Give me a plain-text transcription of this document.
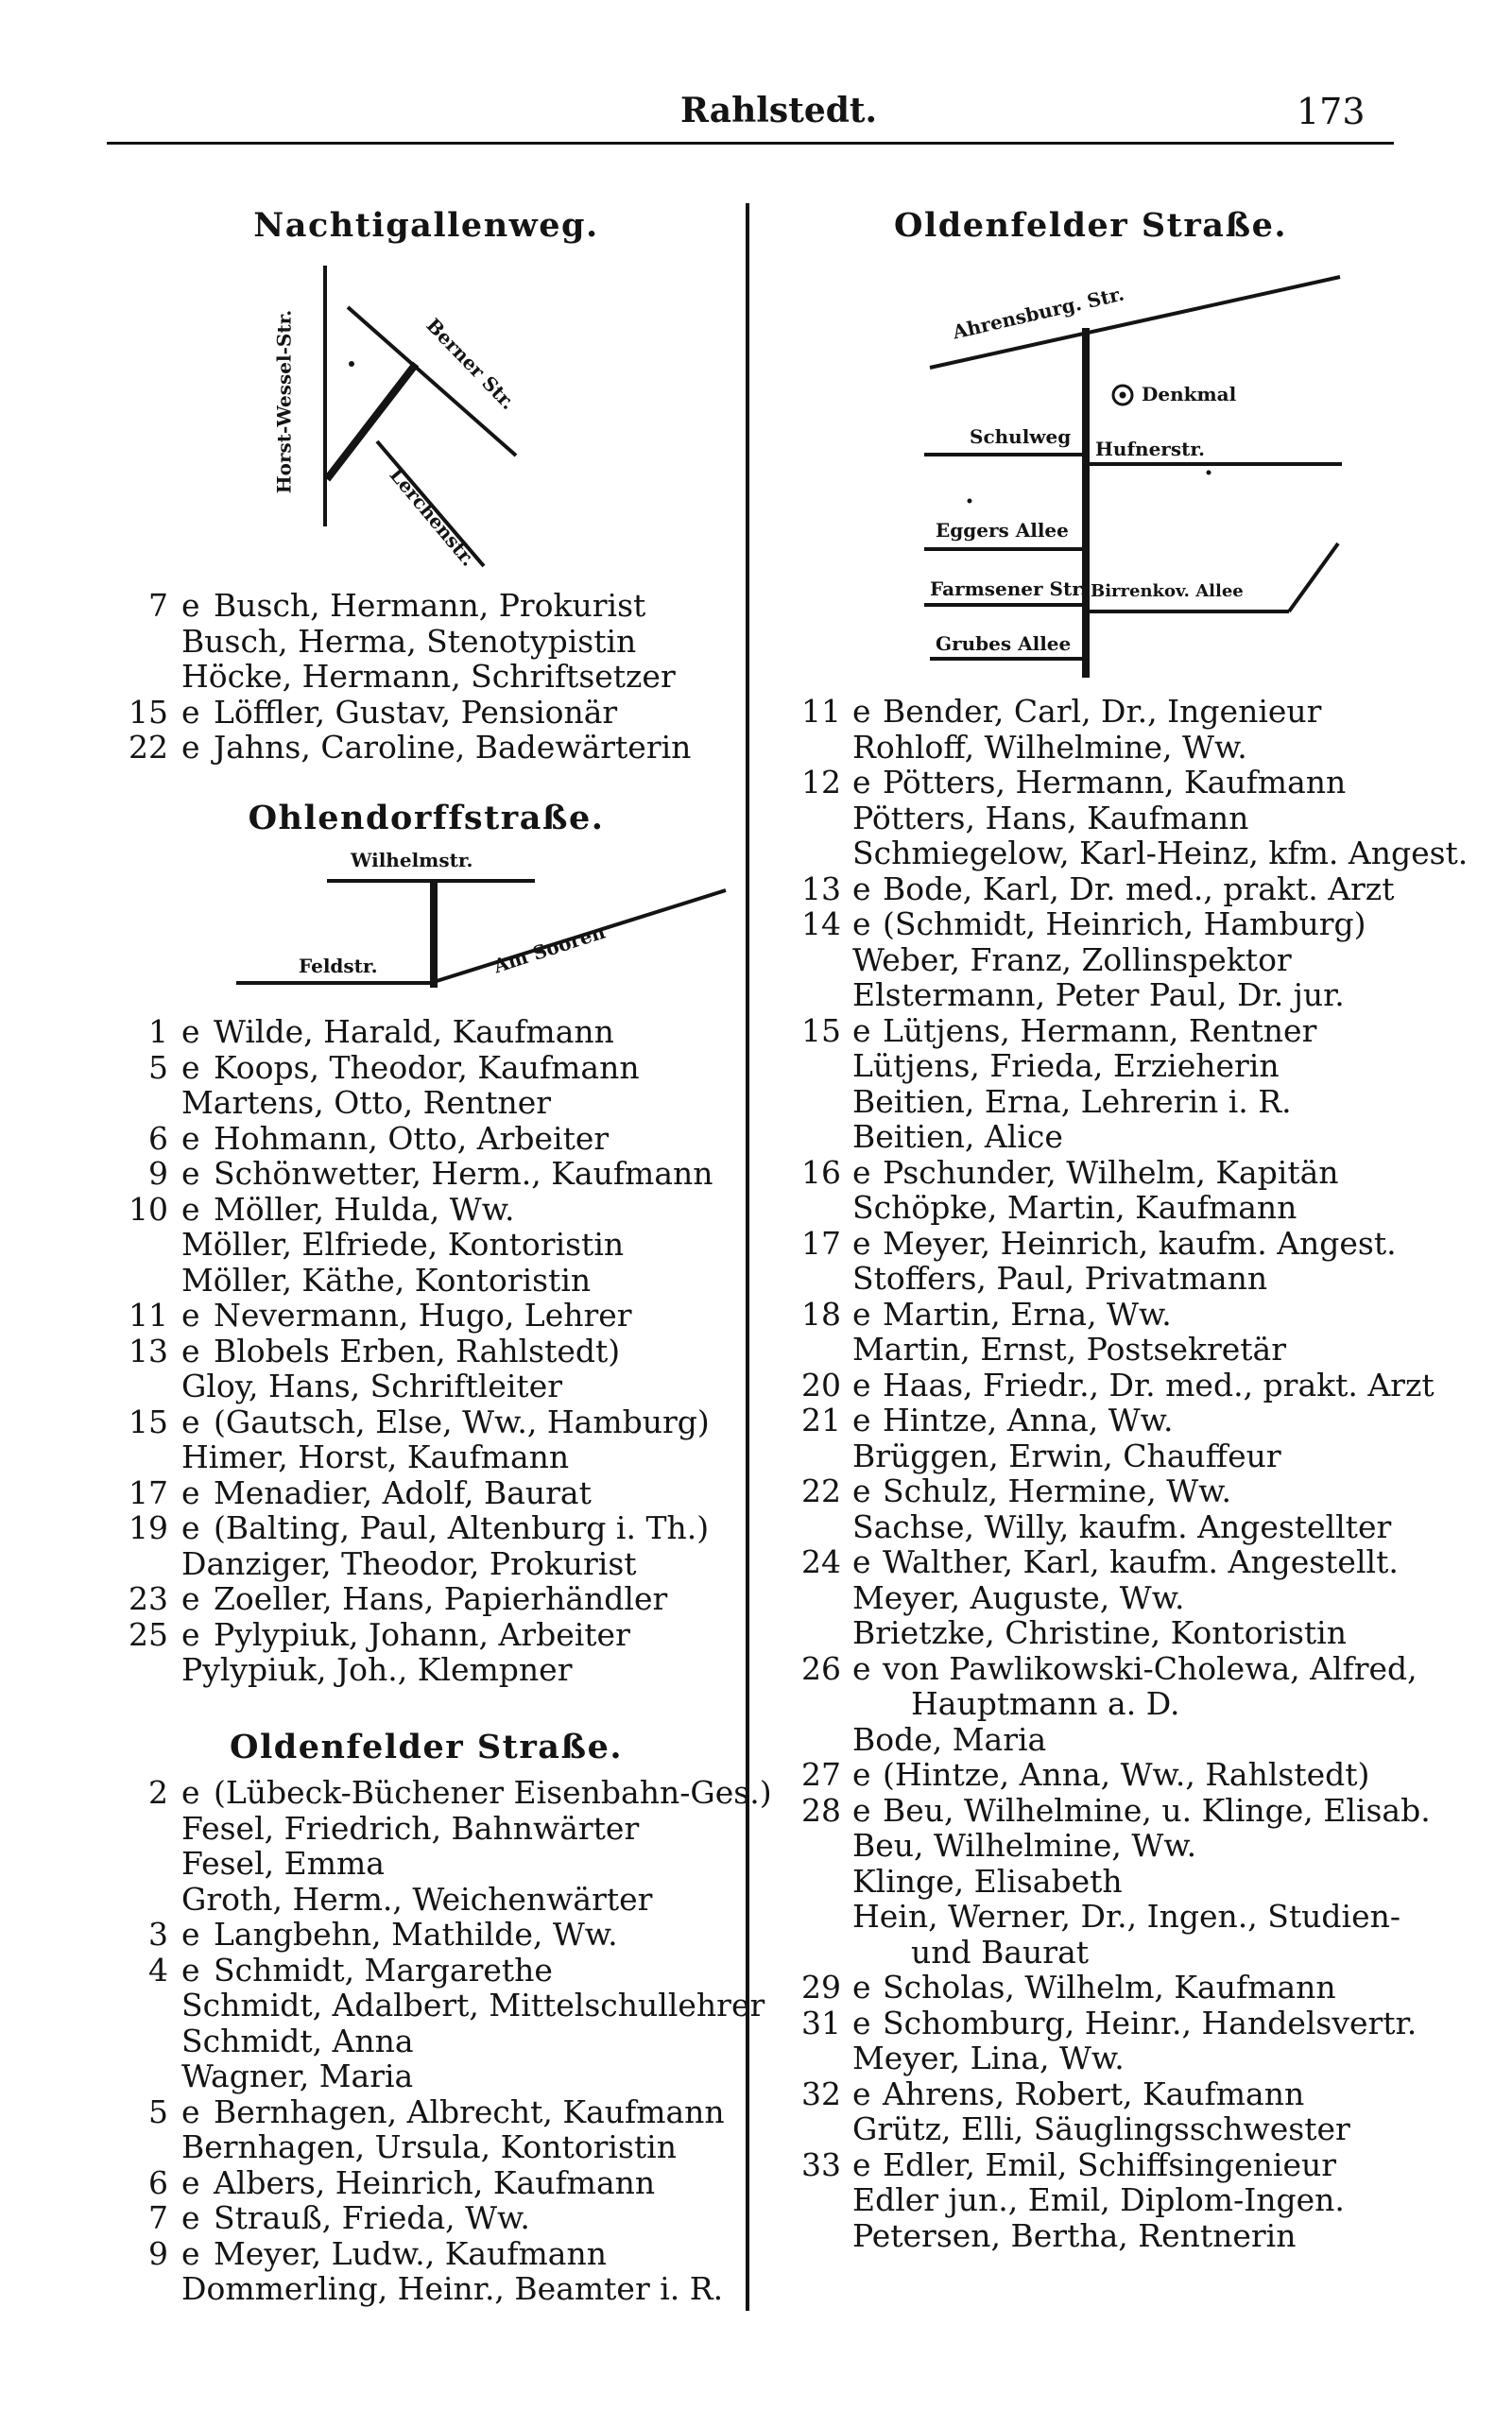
Rahlstedt.	173
Nachtigallenweg.
Horst-Wessel-Str.	Berner Str.
Lerchenstr.
7 e Busch, Hermann, Prokurist
Busch, Herma, Stenotypistin
Höcke, Hermann, Schriftsetzer
15 e Löffler, Gustav, Pensionär
22 e Jahns, Caroline, Badewärterin
Ohlendorffstraße.
Wilhelmstr.
Feldstr.	Am Sooren
1 e Wilde, Harald, Kaufmann
5 e Koops, Theodor, Kaufmann
Martens, Otto, Rentner
6 e Hohmann, Otto, Arbeiter
9 e Schönwetter, Herm., Kaufmann
10 e Möller, Hulda, Ww.
Möller, Elfriede, Kontoristin
Möller, Käthe, Kontoristin
11 e Nevermann, Hugo, Lehrer
13 e Blobels Erben, Rahlstedt)
Gloy, Hans, Schriftleiter
15 e (Gautsch, Else, Ww., Hamburg)
Himer, Horst, Kaufmann
17 e Menadier, Adolf, Baurat
19 e (Balting, Paul, Altenburg i. Th.)
Danziger, Theodor, Prokurist
23 e Zoeller, Hans, Papierhändler
25 e Pylypiuk, Johann, Arbeiter
Pylypiuk, Joh., Klempner
Oldenfelder Straße.
2 e (Lübeck-Büchener Eisenbahn-Ges.)
Fesel, Friedrich, Bahnwärter
Fesel, Emma
Groth, Herm., Weichenwärter
3 e Langbehn, Mathilde, Ww.
4 e Schmidt, Margarethe
Schmidt, Adalbert, Mittelschullehrer
Schmidt, Anna
Wagner, Maria
5 e Bernhagen, Albrecht, Kaufmann
Bernhagen, Ursula, Kontoristin
6 e Albers, Heinrich, Kaufmann
7 e Strauß, Frieda, Ww.
9 e Meyer, Ludw., Kaufmann
Dommerling, Heinr., Beamter i. R.
Oldenfelder Straße.
Ahrensburg. Str.
Denkmal
Schulweg
Hufnerstr.
Eggers Allee
Farmsener Str. Birrenkov. Allee
Grubes Allee
11 e Bender, Carl, Dr., Ingenieur
Rohloff, Wilhelmine, Ww.
12 e Pötters, Hermann, Kaufmann
Pötters, Hans, Kaufmann
Schmiegelow, Karl-Heinz, kfm. Angest.
13 e Bode, Karl, Dr. med., prakt. Arzt
14 e (Schmidt, Heinrich, Hamburg)
Weber, Franz, Zollinspektor
Elstermann, Peter Paul, Dr. jur.
15 e Lütjens, Hermann, Rentner
Lütjens, Frieda, Erzieherin
Beitien, Erna, Lehrerin i. R.
Beitien, Alice
16 e Pschunder, Wilhelm, Kapitän
Schöpke, Martin, Kaufmann
17 e Meyer, Heinrich, kaufm. Angest.
Stoffers, Paul, Privatmann
18 e Martin, Erna, Ww.
Martin, Ernst, Postsekretär
20 e Haas, Friedr., Dr. med., prakt. Arzt
21 e Hintze, Anna, Ww.
Brüggen, Erwin, Chauffeur
22 e Schulz, Hermine, Ww.
Sachse, Willy, kaufm. Angestellter
24 e Walther, Karl, kaufm. Angestellt.
Meyer, Auguste, Ww.
Brietzke, Christine, Kontoristin
26 e von Pawlikowski-Cholewa, Alfred,
Hauptmann a. D.
Bode, Maria
27 e (Hintze, Anna, Ww., Rahlstedt)
28 e Beu, Wilhelmine, u. Klinge, Elisab.
Beu, Wilhelmine, Ww.
Klinge, Elisabeth
Hein, Werner, Dr., Ingen., Studien-
und Baurat
29 e Scholas, Wilhelm, Kaufmann
31 e Schomburg, Heinr., Handelsvertr.
Meyer, Lina, Ww.
32 e Ahrens, Robert, Kaufmann
Grütz, Elli, Säuglingsschwester
33 e Edler, Emil, Schiffsingenieur
Edler jun., Emil, Diplom-Ingen.
Petersen, Bertha, Rentnerin
